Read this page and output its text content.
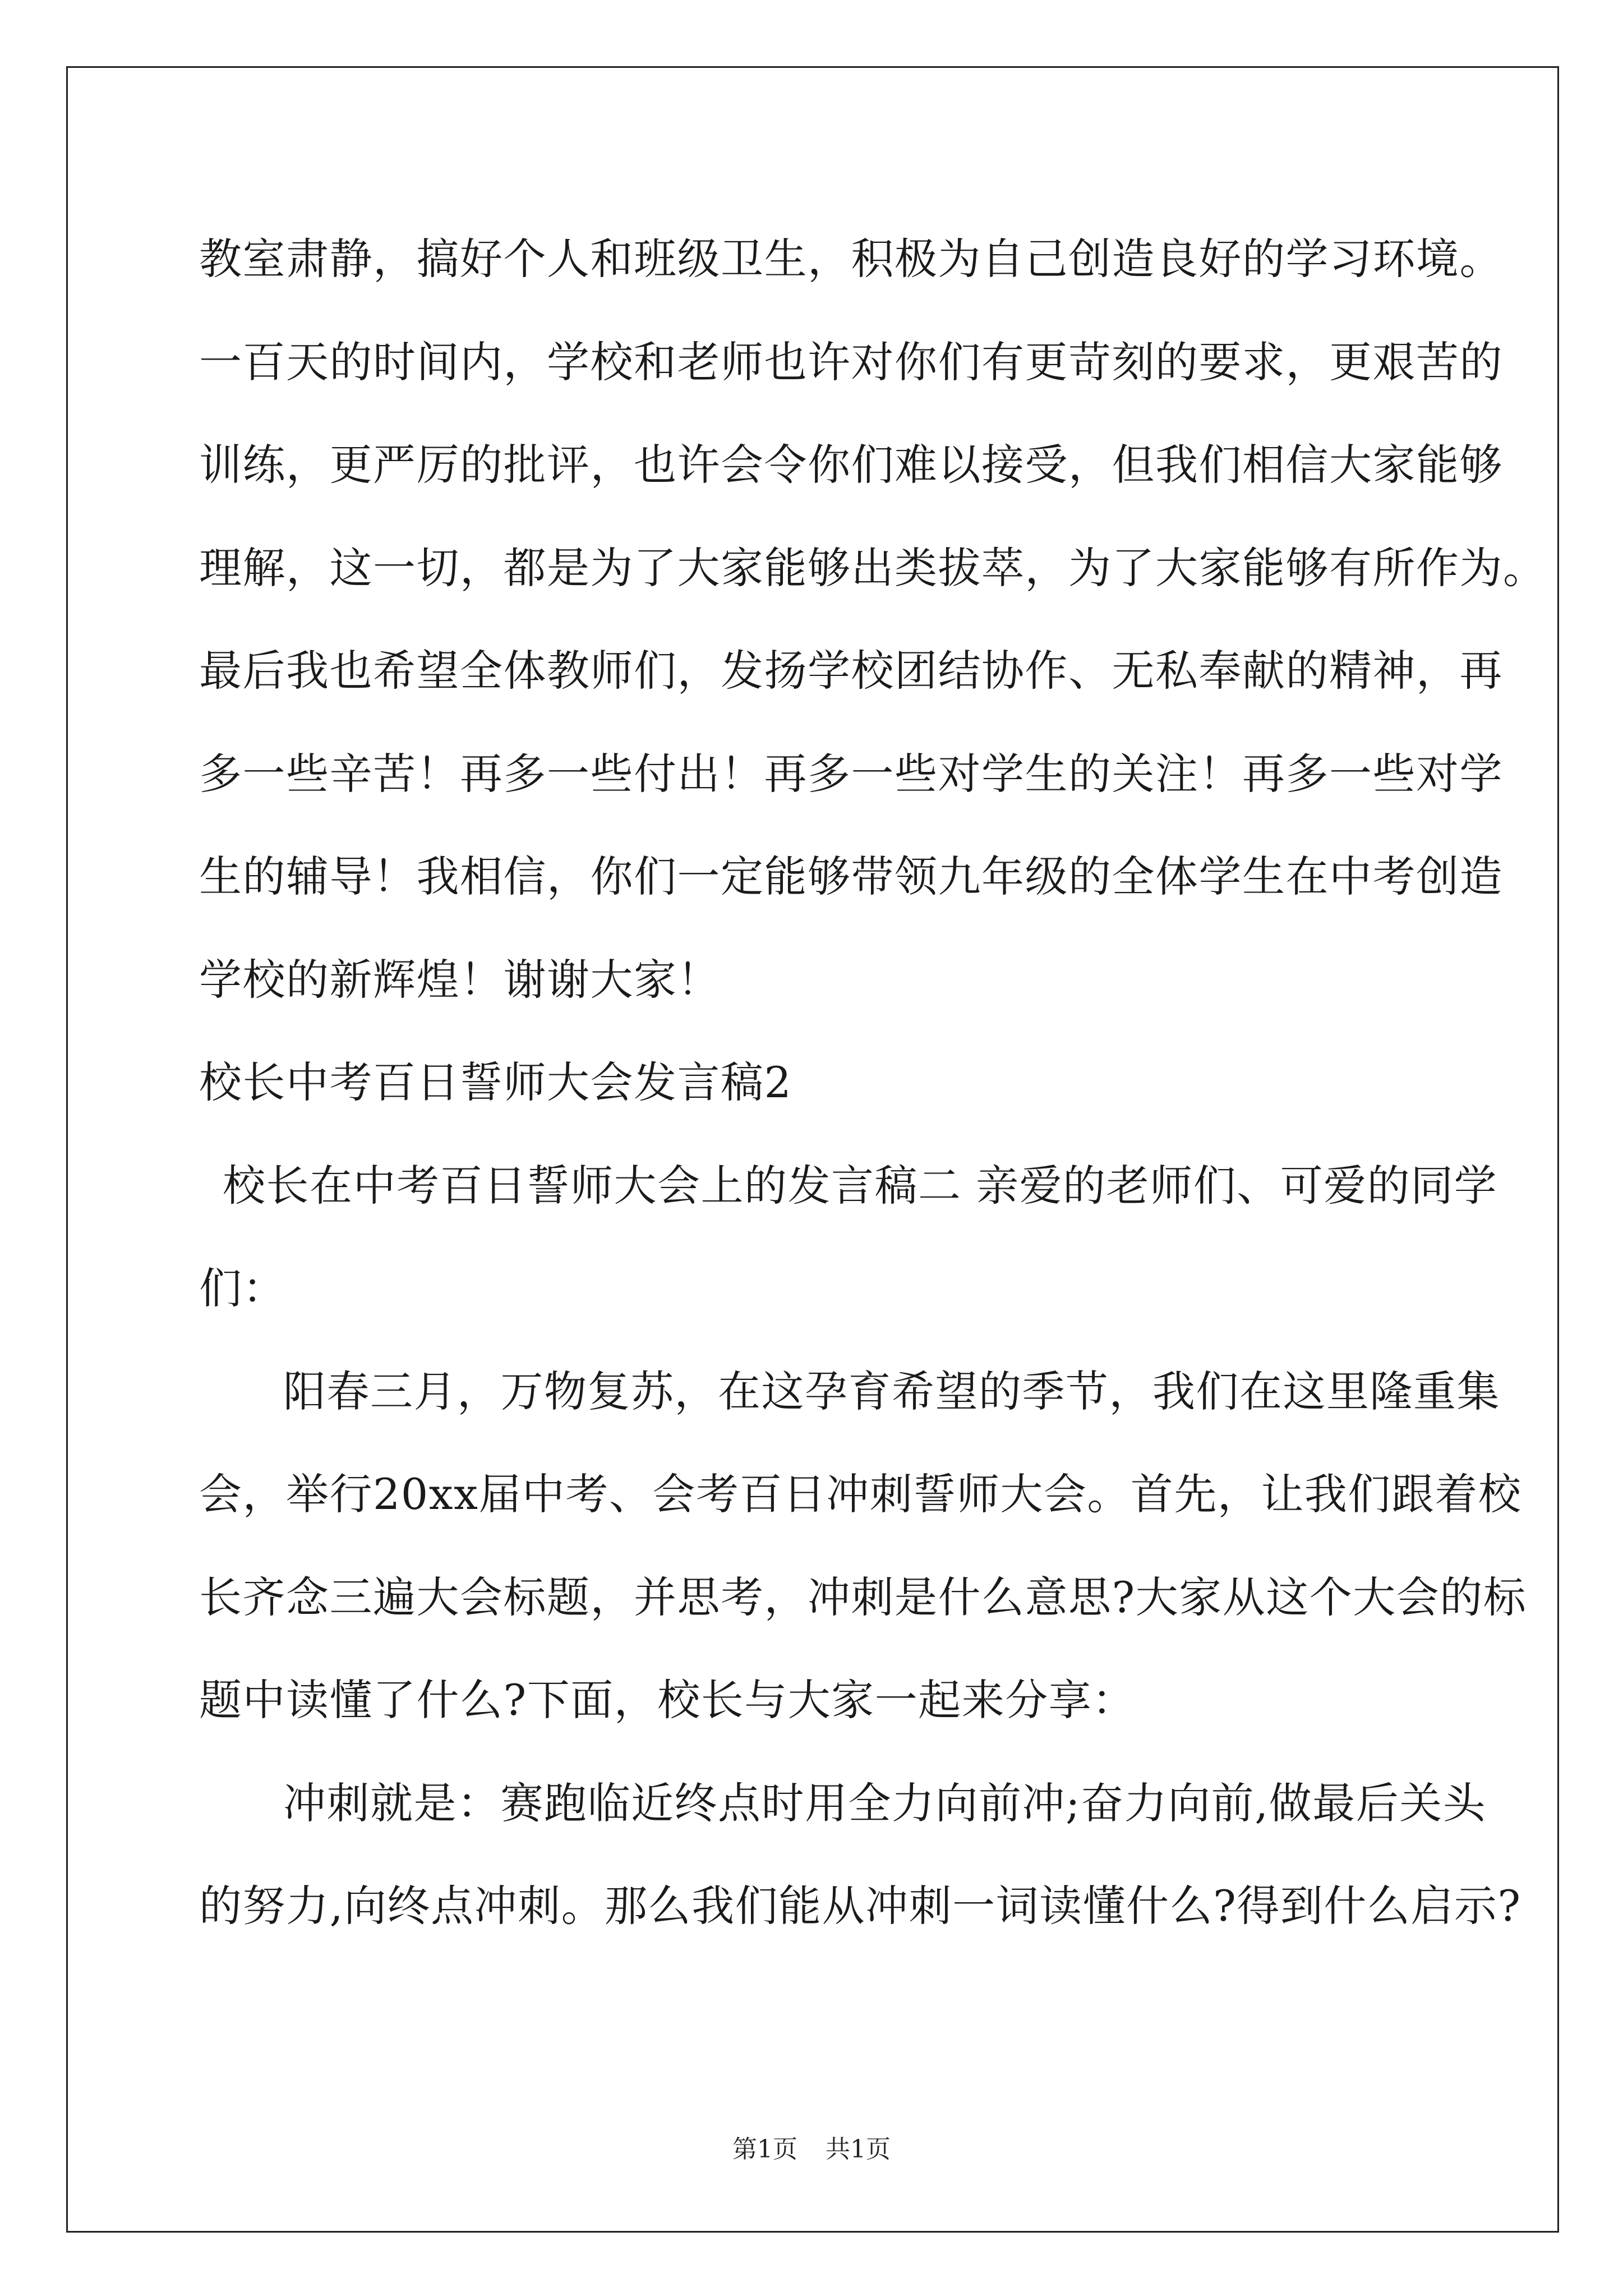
教室肃静，搞好个人和班级卫生，积极为自己创造良好的学习环境。
一百天的时间内，学校和老师也许对你们有更苛刻的要求，更艰苦的
训练，更严厉的批评，也许会令你们难以接受，但我们相信大家能够
理解，这一切，都是为了大家能够出类拔萃，为了大家能够有所作为。
最后我也希望全体教师们，发扬学校团结协作、无私奉献的精神，再
多一些辛苦！再多一些付出！再多一些对学生的关注！再多一些对学
生的辅导！我相信，你们一定能够带领九年级的全体学生在中考创造
学校的新辉煌！谢谢大家！
校长中考百日誓师大会发言稿2
校长在中考百日誓师大会上的发言稿二 亲爱的老师们、可爱的同学
们：
阳春三月，万物复苏，在这孕育希望的季节，我们在这里隆重集
会，举行20xx届中考、会考百日冲刺誓师大会。首先，让我们跟着校
长齐念三遍大会标题，并思考，冲刺是什么意思?大家从这个大会的标
题中读懂了什么?下面，校长与大家一起来分享：
冲刺就是：赛跑临近终点时用全力向前冲;奋力向前,做最后关头
的努力,向终点冲刺。那么我们能从冲刺一词读懂什么?得到什么启示?
第1页 共1页
